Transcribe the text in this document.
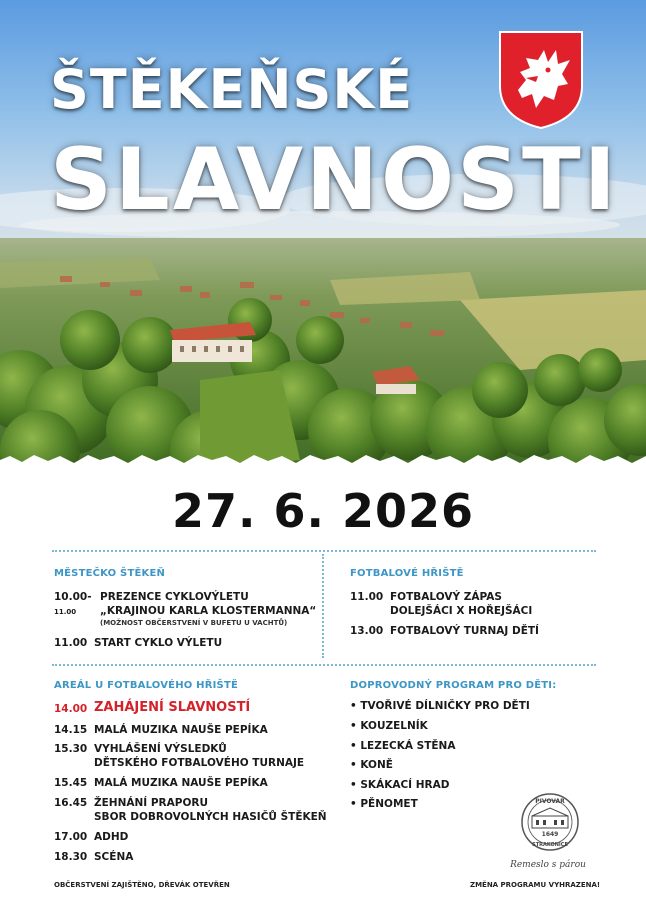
ŠTĚKEŇSKÉ
SLAVNOSTI
27. 6. 2026
MĚSTEČKO ŠTĚKEŇ
10.00-11.00
PREZENCE CYKLOVÝLETU
„KRAJINOU KARLA KLOSTERMANNA“
(MOŽNOST OBČERSTVENÍ V BUFETU U VACHTŮ)
11.00 START CYKLO VÝLETU
FOTBALOVÉ HŘIŠTĚ
11.00 FOTBALOVÝ ZÁPAS
DOLEJŠÁCI X HOŘEJŠÁCI
13.00 FOTBALOVÝ TURNAJ DĚTÍ
AREÁL U FOTBALOVÉHO HŘIŠTĚ
14.00 ZAHÁJENÍ SLAVNOSTÍ
14.15 MALÁ MUZIKA NAUŠE PEPÍKA
15.30 VYHLÁŠENÍ VÝSLEDKŮ
DĚTSKÉHO FOTBALOVÉHO TURNAJE
15.45 MALÁ MUZIKA NAUŠE PEPÍKA
16.45 ŽEHNÁNÍ PRAPORU
SBOR DOBROVOLNÝCH HASIČŮ ŠTĚKEŇ
17.00 ADHD
18.30 SCÉNA
DOPROVODNÝ PROGRAM PRO DĚTI:
• TVOŘIVÉ DÍLNIČKY PRO DĚTI
• KOUZELNÍK
• LEZECKÁ STĚNA
• KONĚ
• SKÁKACÍ HRAD
• PĚNOMET	PIVOVAR
1649
STRAKONICE
Remeslo s párou
OBČERSTVENÍ ZAJIŠTĚNO, DŘEVÁK OTEVŘEN	ZMĚNA PROGRAMU VYHRAZENA!
